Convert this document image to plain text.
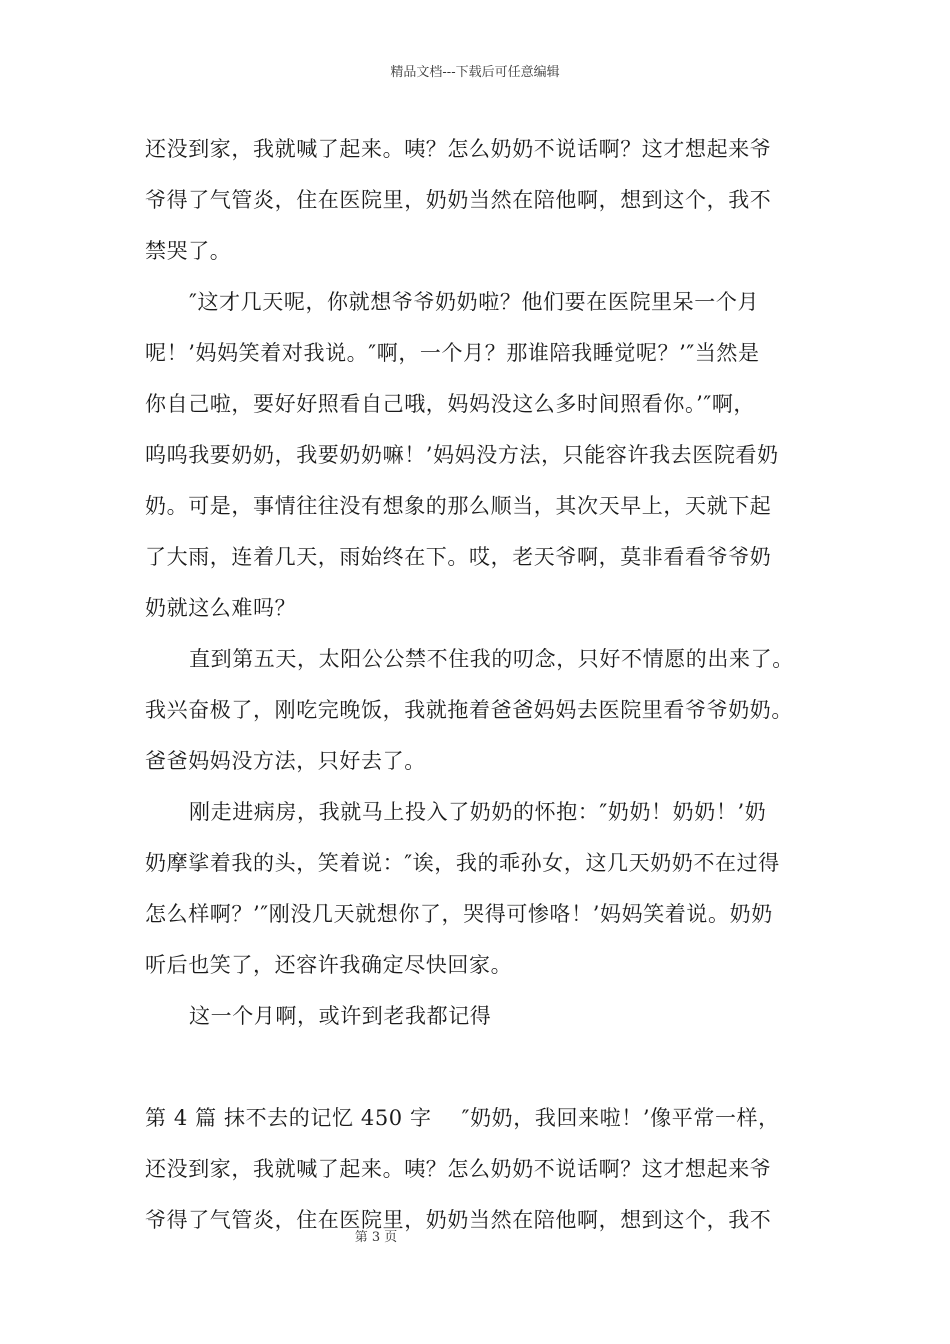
精品文档---下载后可任意编辑
还没到家，我就喊了起来。咦？怎么奶奶不说话啊？这才想起来爷
爷得了气管炎，住在医院里，奶奶当然在陪他啊，想到这个，我不
禁哭了。
″这才几天呢，你就想爷爷奶奶啦？他们要在医院里呆一个月
呢！’妈妈笑着对我说。″啊，一个月？那谁陪我睡觉呢？’″当然是
你自己啦，要好好照看自己哦，妈妈没这么多时间照看你。’″啊，
呜呜我要奶奶，我要奶奶嘛！’妈妈没方法，只能容许我去医院看奶
奶。可是，事情往往没有想象的那么顺当，其次天早上，天就下起
了大雨，连着几天，雨始终在下。哎，老天爷啊，莫非看看爷爷奶
奶就这么难吗？
直到第五天，太阳公公禁不住我的叨念，只好不情愿的出来了。
我兴奋极了，刚吃完晚饭，我就拖着爸爸妈妈去医院里看爷爷奶奶。
爸爸妈妈没方法，只好去了。
刚走进病房，我就马上投入了奶奶的怀抱：″奶奶！奶奶！’奶
奶摩挲着我的头，笑着说：″诶，我的乖孙女，这几天奶奶不在过得
怎么样啊？’″刚没几天就想你了，哭得可惨咯！’妈妈笑着说。奶奶
听后也笑了，还容许我确定尽快回家。
这一个月啊，或许到老我都记得
第 4 篇 抹不去的记忆 450 字 ″奶奶，我回来啦！’像平常一样，
还没到家，我就喊了起来。咦？怎么奶奶不说话啊？这才想起来爷
爷得了气管炎，住在医院里，奶奶当然在陪他啊，想到这个，我不
第 3 页
